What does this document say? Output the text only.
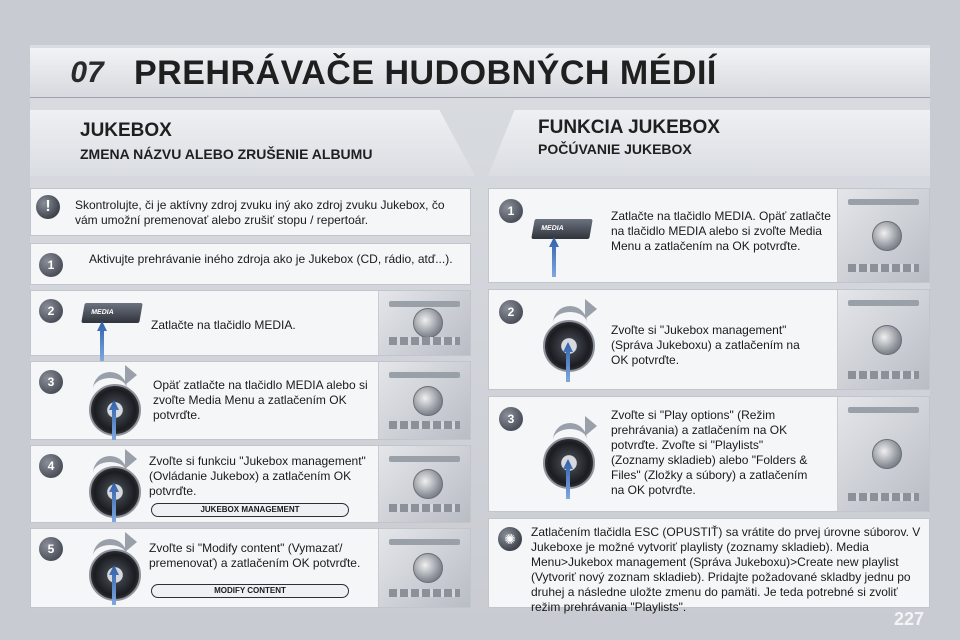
07 PREHRÁVAČE HUDOBNÝCH MÉDIÍ
JUKEBOX
ZMENA NÁZVU ALEBO ZRUŠENIE ALBUMU
FUNKCIA JUKEBOX
POČÚVANIE JUKEBOX
Skontrolujte, či je aktívny zdroj zvuku iný ako zdroj zvuku Jukebox, čo vám umožní premenovať alebo zrušiť stopu / repertoár.
!
1	Aktivujte prehrávanie iného zdroja ako je Jukebox (CD, rádio, atď...).
2	MEDIA
Zatlačte na tlačidlo MEDIA.
3	Opäť zatlačte na tlačidlo MEDIA alebo si zvoľte Media Menu a zatlačením OK potvrďte.
4	Zvoľte si funkciu "Jukebox management" (Ovládanie Jukebox) a zatlačením OK potvrďte.
JUKEBOX MANAGEMENT
5	Zvoľte si "Modify content" (Vymazať/ premenovať) a zatlačením OK potvrďte.
MODIFY CONTENT
1
MEDIA
Zatlačte na tlačidlo MEDIA. Opäť zatlačte na tlačidlo MEDIA alebo si zvoľte Media Menu a zatlačením na OK potvrďte.
2
Zvoľte si "Jukebox management" (Správa Jukeboxu) a zatlačením na OK potvrďte.
3	Zvoľte si "Play options" (Režim prehrávania) a zatlačením na OK potvrďte. Zvoľte si "Playlists" (Zoznamy skladieb) alebo "Folders & Files" (Zložky a súbory) a zatlačením na OK potvrďte.
Zatlačením tlačidla ESC (OPUSTIŤ) sa vrátite do prvej úrovne súborov. V Jukeboxe je možné vytvoriť playlisty (zoznamy skladieb). Media Menu>Jukebox management (Správa Jukeboxu)>Create new playlist (Vytvoriť nový zoznam skladieb). Pridajte požadované skladby jednu po druhej a následne uložte zmenu do pamäti. Je teda potrebné si zvoliť režim prehrávania "Playlists".
✺
227
